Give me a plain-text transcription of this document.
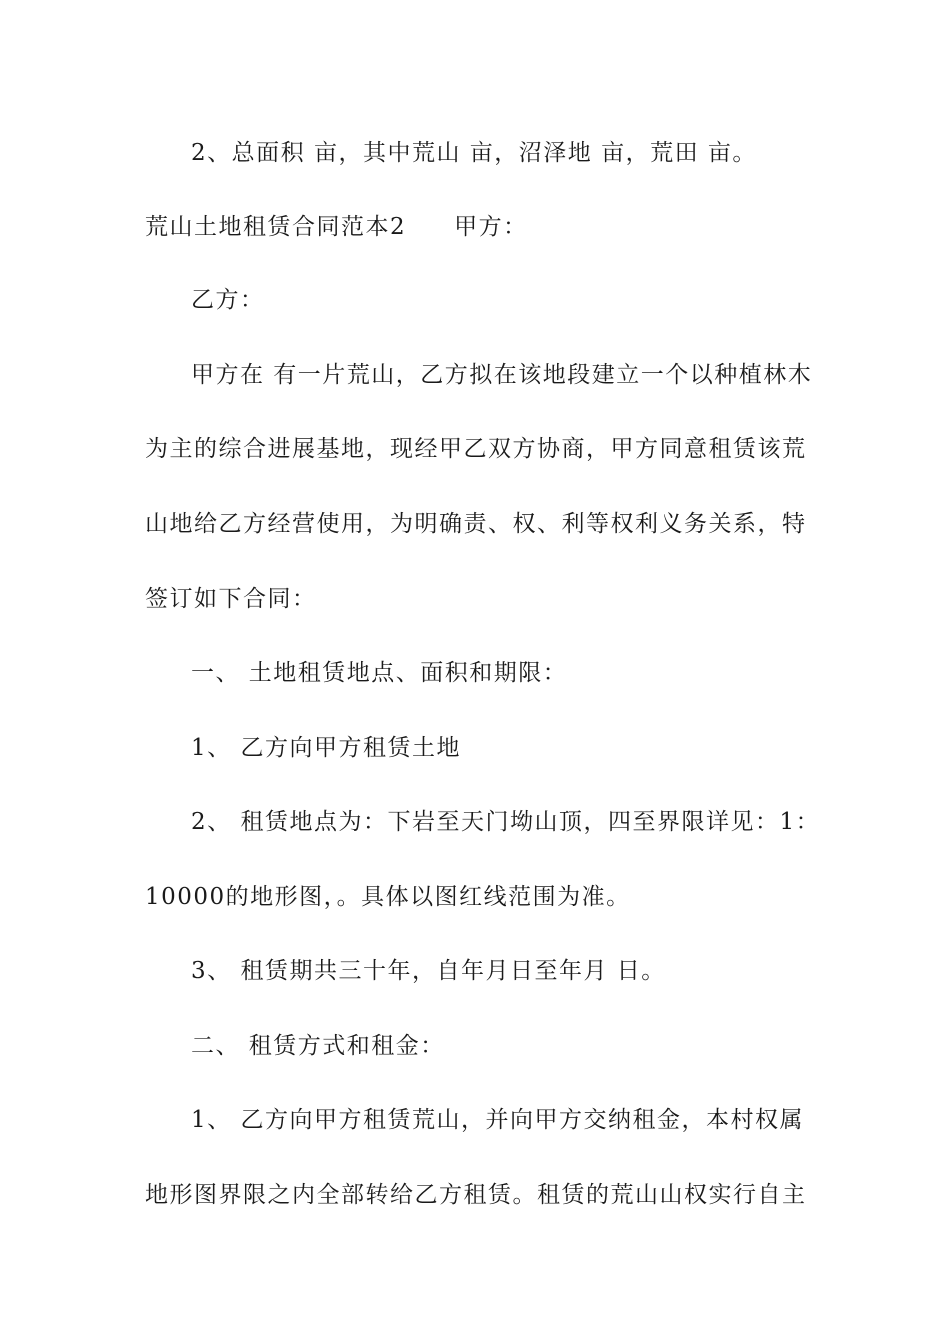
2、总面积 亩，其中荒山 亩，沼泽地 亩，荒田 亩。
荒山土地租赁合同范本2 甲方：
乙方：
甲方在 有一片荒山，乙方拟在该地段建立一个以种植林木
为主的综合进展基地，现经甲乙双方协商，甲方同意租赁该荒
山地给乙方经营使用，为明确责、权、利等权利义务关系，特
签订如下合同：
一、 土地租赁地点、面积和期限：
1、 乙方向甲方租赁土地
2、 租赁地点为：下岩至天门坳山顶，四至界限详见：1：
10000的地形图，。具体以图红线范围为准。
3、 租赁期共三十年，自年月日至年月 日。
二、 租赁方式和租金：
1、 乙方向甲方租赁荒山，并向甲方交纳租金，本村权属
地形图界限之内全部转给乙方租赁。租赁的荒山山权实行自主
